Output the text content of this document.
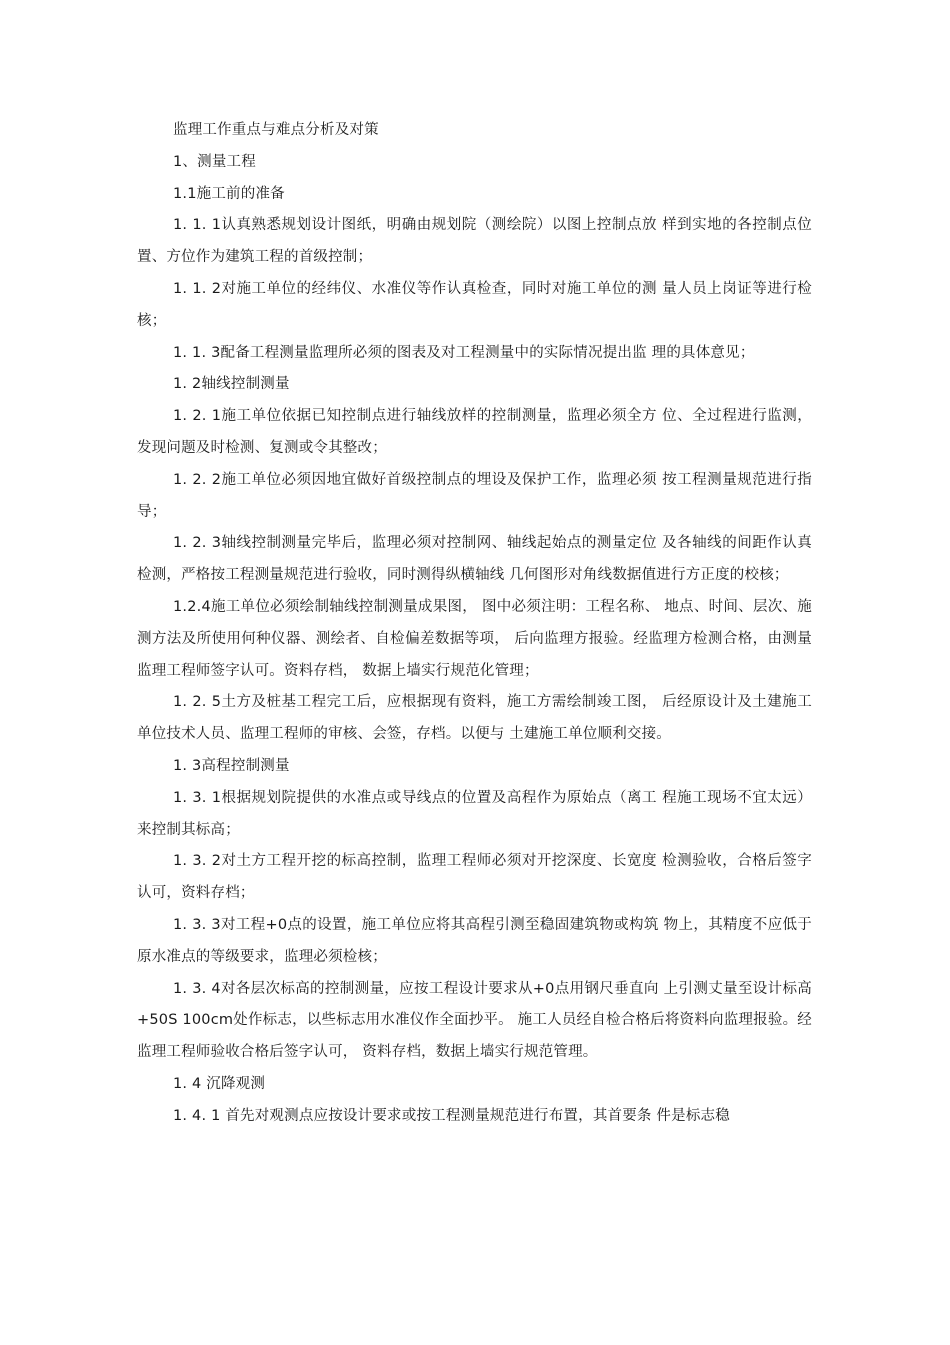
监理工作重点与难点分析及对策

1、测量工程

1.1施工前的准备

1. 1. 1认真熟悉规划设计图纸，明确由规划院（测绘院）以图上控制点放 样到实地的各控制点位置、方位作为建筑工程的首级控制；

1. 1. 2对施工单位的经纬仪、水准仪等作认真检查，同时对施工单位的测 量人员上岗证等进行检核；

1. 1. 3配备工程测量监理所必须的图表及对工程测量中的实际情况提出监 理的具体意见；

1. 2轴线控制测量

1. 2. 1施工单位依据已知控制点进行轴线放样的控制测量，监理必须全方 位、全过程进行监测，发现问题及时检测、复测或令其整改；

1. 2. 2施工单位必须因地宜做好首级控制点的埋设及保护工作，监理必须 按工程测量规范进行指导；

1. 2. 3轴线控制测量完毕后，监理必须对控制网、轴线起始点的测量定位 及各轴线的间距作认真检测，严格按工程测量规范进行验收，同时测得纵横轴线 几何图形对角线数据值进行方正度的校核；

1.2.4施工单位必须绘制轴线控制测量成果图， 图中必须注明：工程名称、 地点、时间、层次、施测方法及所使用何种仪器、测绘者、自检偏差数据等项， 后向监理方报验。经监理方检测合格，由测量监理工程师签字认可。资料存档， 数据上墙实行规范化管理；

1. 2. 5土方及桩基工程完工后，应根据现有资料，施工方需绘制竣工图， 后经原设计及土建施工单位技术人员、监理工程师的审核、会签，存档。以便与 土建施工单位顺利交接。

1. 3高程控制测量

1. 3. 1根据规划院提供的水准点或导线点的位置及高程作为原始点（离工 程施工现场不宜太远）来控制其标高；

1. 3. 2对土方工程开挖的标高控制，监理工程师必须对开挖深度、长宽度 检测验收，合格后签字认可，资料存档；

1. 3. 3对工程+0点的设置，施工单位应将其高程引测至稳固建筑物或构筑 物上，其精度不应低于原水准点的等级要求，监理必须检核；

1. 3. 4对各层次标高的控制测量，应按工程设计要求从+0点用钢尺垂直向 上引测丈量至设计标高+50S 100cm处作标志，以些标志用水准仪作全面抄平。 施工人员经自检合格后将资料向监理报验。经监理工程师验收合格后签字认可， 资料存档，数据上墙实行规范管理。

1. 4 沉降观测

1. 4. 1 首先对观测点应按设计要求或按工程测量规范进行布置，其首要条 件是标志稳
